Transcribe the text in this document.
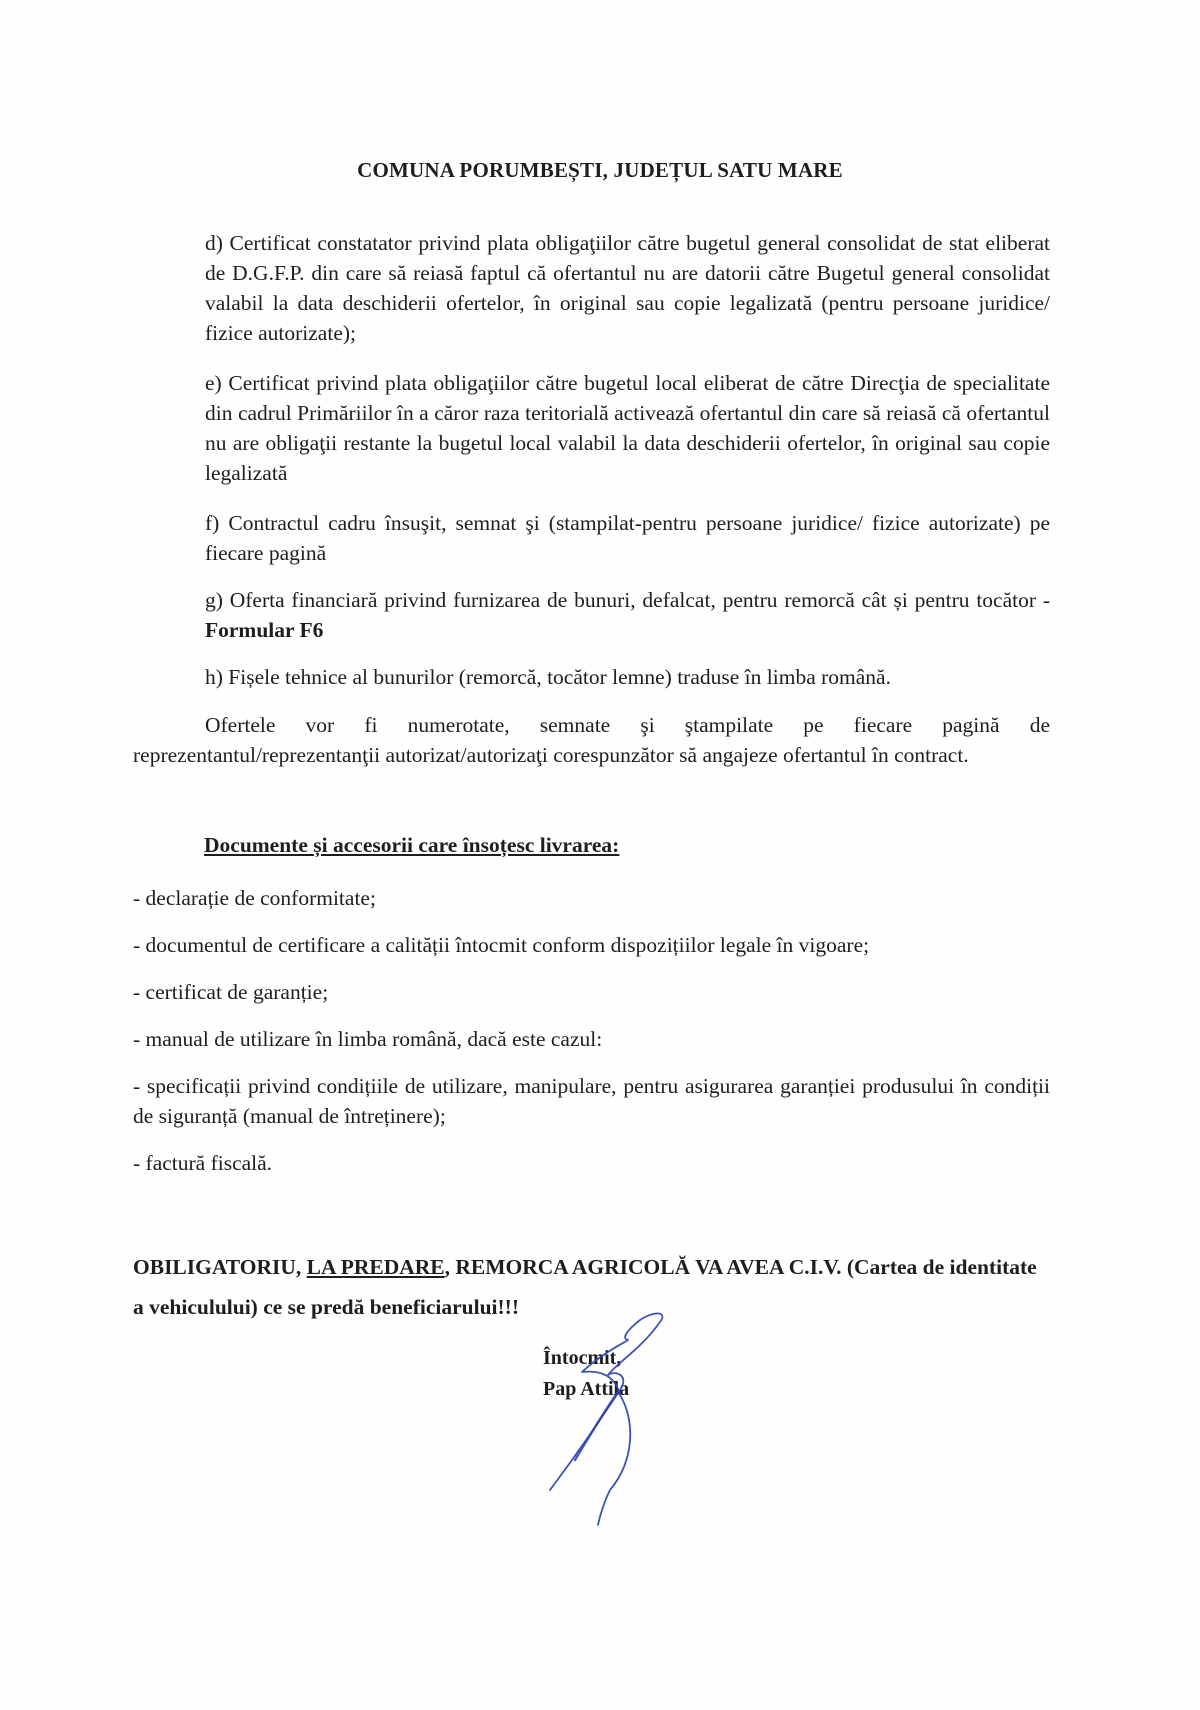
COMUNA PORUMBEȘTI, JUDEȚUL SATU MARE
d) Certificat constatator privind plata obligaţiilor către bugetul general consolidat de stat eliberat de D.G.F.P. din care să reiasă faptul că ofertantul nu are datorii către Bugetul general consolidat valabil la data deschiderii ofertelor, în original sau copie legalizată (pentru persoane juridice/ fizice autorizate);
e) Certificat privind plata obligaţiilor către bugetul local eliberat de către Direcţia de specialitate din cadrul Primăriilor în a căror raza teritorială activează ofertantul din care să reiasă că ofertantul nu are obligaţii restante la bugetul local valabil la data deschiderii ofertelor, în original sau copie legalizată
f) Contractul cadru însuşit, semnat şi (stampilat-pentru persoane juridice/ fizice autorizate) pe fiecare pagină
g) Oferta financiară privind furnizarea de bunuri, defalcat, pentru remorcă cât și pentru tocător - Formular F6
h) Fișele tehnice al bunurilor (remorcă, tocător lemne) traduse în limba română.
Ofertele vor fi numerotate, semnate şi ştampilate pe fiecare pagină de reprezentantul/reprezentanţii autorizat/autorizaţi corespunzător să angajeze ofertantul în contract.
Documente și accesorii care însoțesc livrarea:
- declarație de conformitate;
- documentul de certificare a calității întocmit conform dispozițiilor legale în vigoare;
- certificat de garanție;
- manual de utilizare în limba română, dacă este cazul:
- specificații privind condițiile de utilizare, manipulare, pentru asigurarea garanției produsului în condiții de siguranță (manual de întreținere);
- factură fiscală.
OBILIGATORIU, LA PREDARE, REMORCA AGRICOLĂ VA AVEA C.I.V. (Cartea de identitate a vehiculului) ce se predă beneficiarului!!!
Întocmit,
Pap Attila
